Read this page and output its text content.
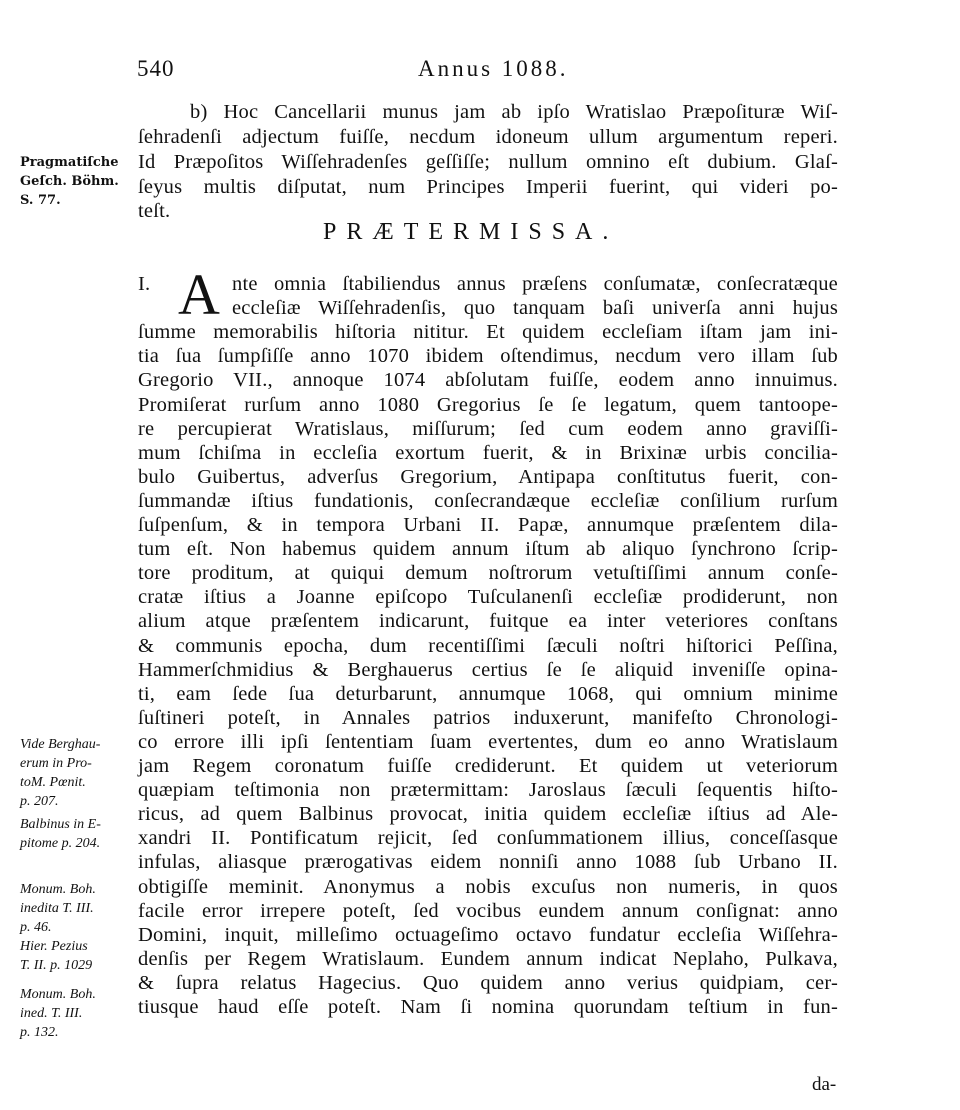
540	Annus 1088.
b) Hoc Cancellarii munus jam ab ipſo Wratislao Præpoſituræ Wiſ-
ſehradenſi adjectum fuiſſe, necdum idoneum ullum argumentum reperi.
Id Præpoſitos Wiſſehradenſes geſſiſſe; nullum omnino eſt dubium. Glaſ-
ſeyus multis diſputat, num Principes Imperii fuerint, qui videri po-
teſt.
Pragmatiſche
Geſch. Böhm.
S. 77.
Vide Berghau-
erum in Pro-
toM. Pœnit.
p. 207.
Balbinus in E-
pitome p. 204.
Monum. Boh.
inedita T. III.
p. 46.
Hier. Pezius
T. II. p. 1029
Monum. Boh.
ined. T. III.
p. 132.
PRÆTERMISSA.
I. A nte omnia ſtabiliendus annus præſens conſumatæ, conſecratæque
eccleſiæ Wiſſehradenſis, quo tanquam baſi univerſa anni hujus
ſumme memorabilis hiſtoria nititur. Et quidem eccleſiam iſtam jam ini-
tia ſua ſumpſiſſe anno 1070 ibidem oſtendimus, necdum vero illam ſub
Gregorio VII., annoque 1074 abſolutam fuiſſe, eodem anno innuimus.
Promiſerat rurſum anno 1080 Gregorius ſe ſe legatum, quem tantoope-
re percupierat Wratislaus, miſſurum; ſed cum eodem anno graviſſi-
mum ſchiſma in eccleſia exortum fuerit, & in Brixinæ urbis concilia-
bulo Guibertus, adverſus Gregorium, Antipapa conſtitutus fuerit, con-
ſummandæ iſtius fundationis, conſecrandæque eccleſiæ conſilium rurſum
ſuſpenſum, & in tempora Urbani II. Papæ, annumque præſentem dila-
tum eſt. Non habemus quidem annum iſtum ab aliquo ſynchrono ſcrip-
tore proditum, at quiqui demum noſtrorum vetuſtiſſimi annum conſe-
cratæ iſtius a Joanne epiſcopo Tuſculanenſi eccleſiæ prodiderunt, non
alium atque præſentem indicarunt, fuitque ea inter veteriores conſtans
& communis epocha, dum recentiſſimi ſæculi noſtri hiſtorici Peſſina,
Hammerſchmidius & Berghauerus certius ſe ſe aliquid inveniſſe opina-
ti, eam ſede ſua deturbarunt, annumque 1068, qui omnium minime
ſuſtineri poteſt, in Annales patrios induxerunt, manifeſto Chronologi-
co errore illi ipſi ſententiam ſuam evertentes, dum eo anno Wratislaum
jam Regem coronatum fuiſſe crediderunt. Et quidem ut veteriorum
quæpiam teſtimonia non prætermittam: Jaroslaus ſæculi ſequentis hiſto-
ricus, ad quem Balbinus provocat, initia quidem eccleſiæ iſtius ad Ale-
xandri II. Pontificatum rejicit, ſed conſummationem illius, conceſſasque
infulas, aliasque prærogativas eidem nonniſi anno 1088 ſub Urbano II.
obtigiſſe meminit. Anonymus a nobis excuſus non numeris, in quos
facile error irrepere poteſt, ſed vocibus eundem annum conſignat: anno
Domini, inquit, milleſimo octuageſimo octavo fundatur eccleſia Wiſſehra-
denſis per Regem Wratislaum. Eundem annum indicat Neplaho, Pulkava,
& ſupra relatus Hagecius. Quo quidem anno verius quidpiam, cer-
tiusque haud eſſe poteſt. Nam ſi nomina quorundam teſtium in fun-
da-
